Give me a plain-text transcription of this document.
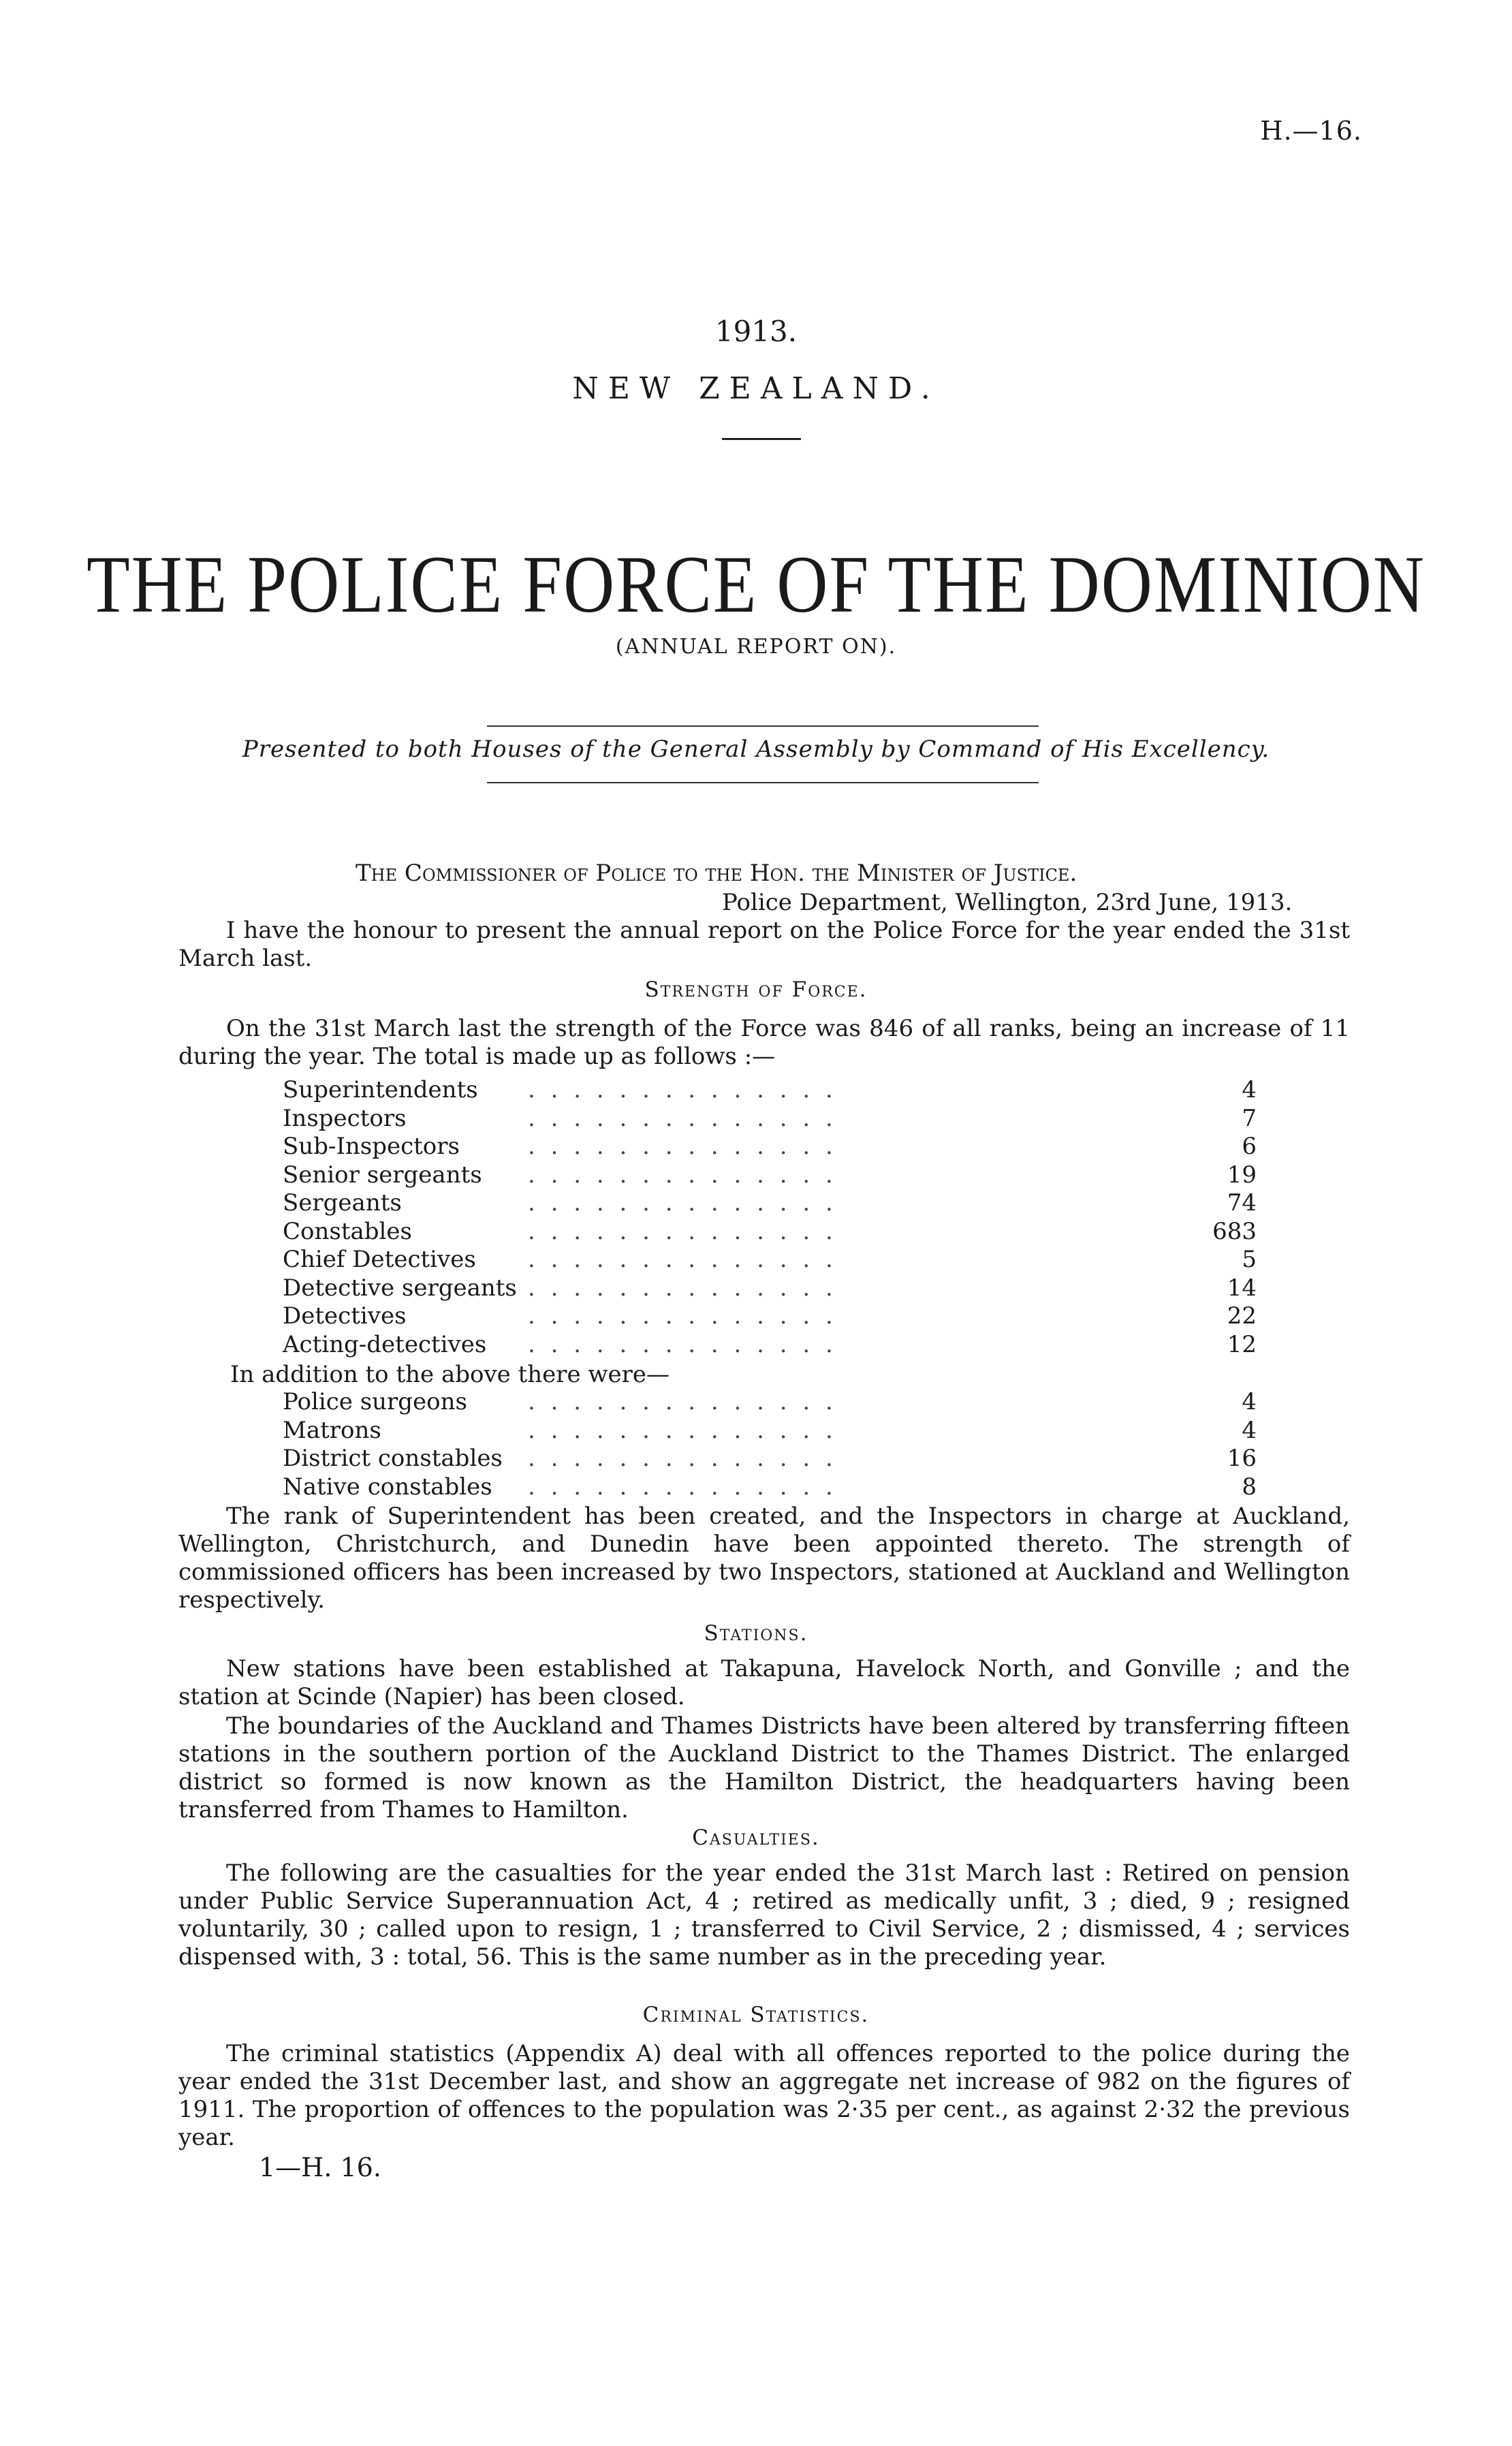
H.—16.
1913.
NEW ZEALAND.
THE POLICE FORCE OF THE DOMINION
(ANNUAL REPORT ON).
Presented to both Houses of the General Assembly by Command of His Excellency.
The Commissioner of Police to the Hon. the Minister of Justice.
Police Department, Wellington, 23rd June, 1913.
I have the honour to present the annual report on the Police Force for the year ended the 31st March last.
Strength of Force.
On the 31st March last the strength of the Force was 846 of all ranks, being an increase of 11 during the year. The total is made up as follows :—
Superintendents	. . . . . . . . . . . . . .	4
Inspectors	. . . . . . . . . . . . . .	7
Sub-Inspectors	. . . . . . . . . . . . . .	6
Senior sergeants	. . . . . . . . . . . . . .	19
Sergeants	. . . . . . . . . . . . . .	74
Constables	. . . . . . . . . . . . . .	683
Chief Detectives	. . . . . . . . . . . . . .	5
Detective sergeants . . . . . . . . . . . . . .	14
Detectives	. . . . . . . . . . . . . .	22
Acting-detectives	. . . . . . . . . . . . . .	12
In addition to the above there were—
Police surgeons	. . . . . . . . . . . . . .	4
Matrons	. . . . . . . . . . . . . .	4
District constables	. . . . . . . . . . . . . .	16
Native constables	. . . . . . . . . . . . . .	8
The rank of Superintendent has been created, and the Inspectors in charge at Auckland, Wellington, Christchurch, and Dunedin have been appointed thereto. The strength of commissioned officers has been increased by two Inspectors, stationed at Auckland and Wellington respectively.
Stations.
New stations have been established at Takapuna, Havelock North, and Gonville ; and the station at Scinde (Napier) has been closed.
The boundaries of the Auckland and Thames Districts have been altered by transferring fifteen stations in the southern portion of the Auckland District to the Thames District. The enlarged district so formed is now known as the Hamilton District, the headquarters having been transferred from Thames to Hamilton.
Casualties.
The following are the casualties for the year ended the 31st March last : Retired on pension under Public Service Superannuation Act, 4 ; retired as medically unfit, 3 ; died, 9 ; resigned voluntarily, 30 ; called upon to resign, 1 ; transferred to Civil Service, 2 ; dismissed, 4 ; services dispensed with, 3 : total, 56. This is the same number as in the preceding year.
Criminal Statistics.
The criminal statistics (Appendix A) deal with all offences reported to the police during the year ended the 31st December last, and show an aggregate net increase of 982 on the figures of 1911. The proportion of offences to the population was 2·35 per cent., as against 2·32 the previous year.
1—H. 16.
